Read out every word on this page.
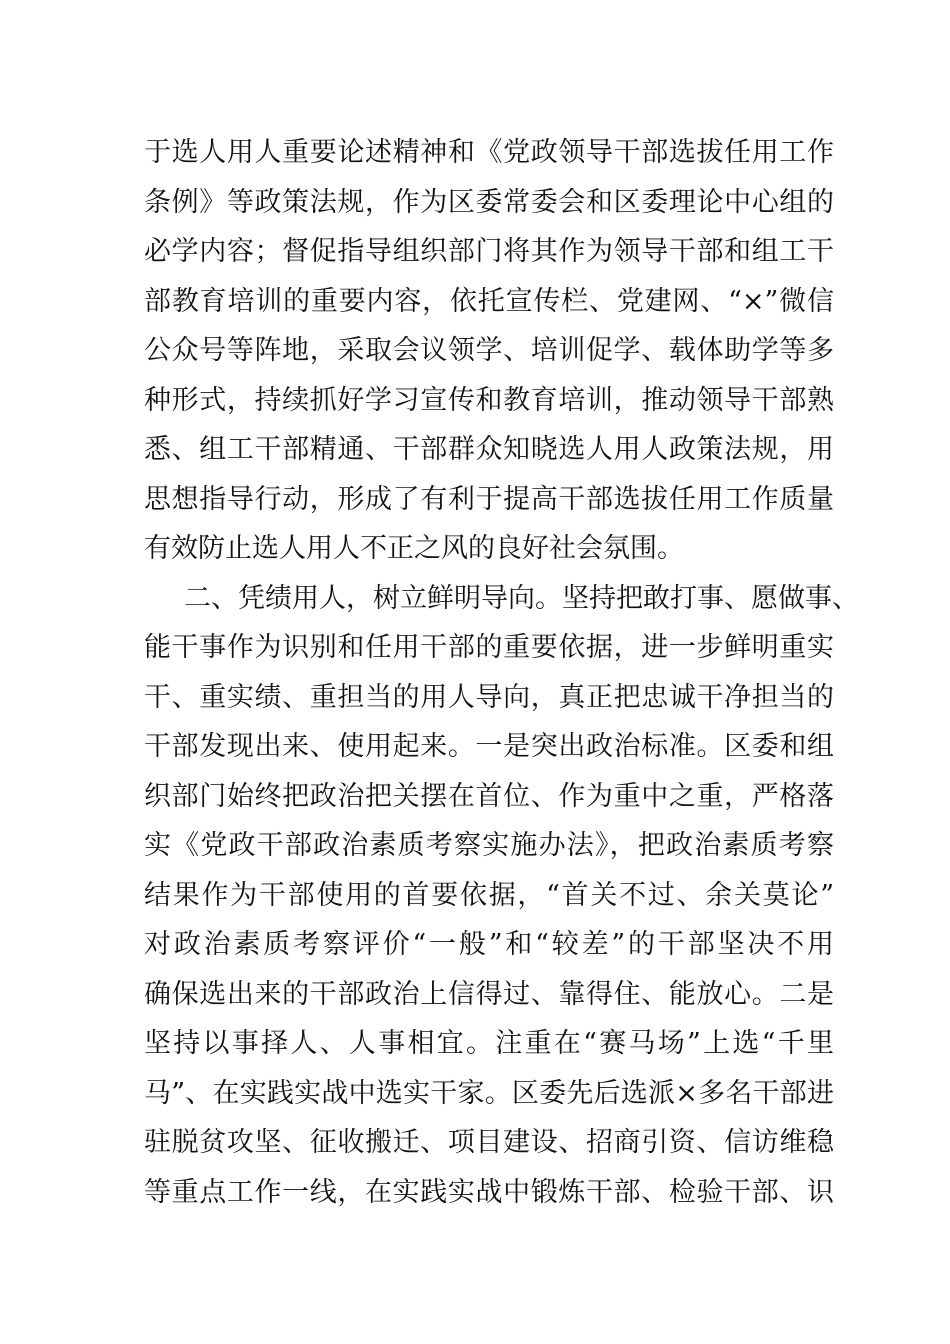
于选人用人重要论述精神和《党政领导干部选拔任用工作
条例》等政策法规，作为区委常委会和区委理论中心组的
必学内容；督促指导组织部门将其作为领导干部和组工干
部教育培训的重要内容，依托宣传栏、党建网、“×”微信
公众号等阵地，采取会议领学、培训促学、载体助学等多
种形式，持续抓好学习宣传和教育培训，推动领导干部熟
悉、组工干部精通、干部群众知晓选人用人政策法规，用
思想指导行动，形成了有利于提高干部选拔任用工作质量
有效防止选人用人不正之风的良好社会氛围。
二、凭绩用人，树立鲜明导向。坚持把敢打事、愿做事、
能干事作为识别和任用干部的重要依据，进一步鲜明重实
干、重实绩、重担当的用人导向，真正把忠诚干净担当的
干部发现出来、使用起来。一是突出政治标准。区委和组
织部门始终把政治把关摆在首位、作为重中之重，严格落
实《党政干部政治素质考察实施办法》，把政治素质考察
结果作为干部使用的首要依据，“首关不过、余关莫论”
对政治素质考察评价“一般”和“较差”的干部坚决不用
确保选出来的干部政治上信得过、靠得住、能放心。二是
坚持以事择人、人事相宜。注重在“赛马场”上选“千里
马”、在实践实战中选实干家。区委先后选派×多名干部进
驻脱贫攻坚、征收搬迁、项目建设、招商引资、信访维稳
等重点工作一线，在实践实战中锻炼干部、检验干部、识
